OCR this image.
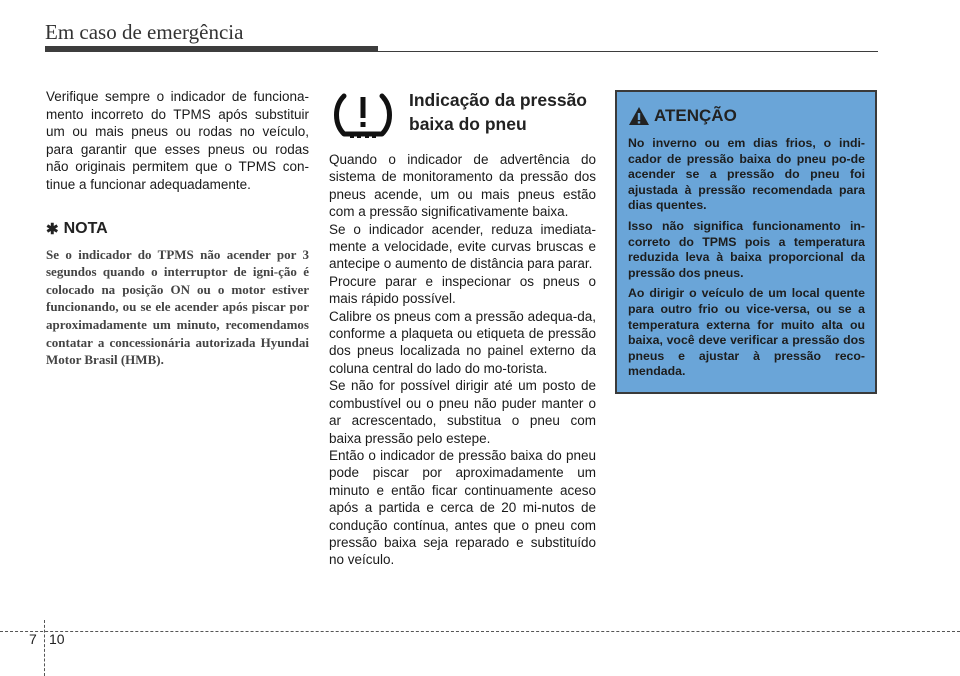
Em caso de emergência

Verifique sempre o indicador de funciona-mento incorreto do TPMS após substituir um ou mais pneus ou rodas no veículo, para garantir que esses pneus ou rodas não originais permitem que o TPMS con-tinue a funcionar adequadamente.

✱ NOTA

Se o indicador do TPMS não acender por 3 segundos quando o interruptor de igni-ção é colocado na posição ON ou o motor estiver funcionando, ou se ele acender após piscar por aproximadamente um minuto, recomendamos contatar a concessionária autorizada Hyundai Motor Brasil (HMB).

Indicação da pressão
baixa do pneu

Quando o indicador de advertência do sistema de monitoramento da pressão dos pneus acende, um ou mais pneus estão com a pressão significativamente baixa.

Se o indicador acender, reduza imediata-mente a velocidade, evite curvas bruscas e antecipe o aumento de distância para parar.

Procure parar e inspecionar os pneus o mais rápido possível.

Calibre os pneus com a pressão adequa-da, conforme a plaqueta ou etiqueta de pressão dos pneus localizada no painel externo da coluna central do lado do mo-torista.

Se não for possível dirigir até um posto de combustível ou o pneu não puder manter o ar acrescentado, substitua o pneu com baixa pressão pelo estepe.

Então o indicador de pressão baixa do pneu pode piscar por aproximadamente um minuto e então ficar continuamente aceso após a partida e cerca de 20 mi-nutos de condução contínua, antes que o pneu com pressão baixa seja reparado e substituído no veículo.

ATENÇÃO

No inverno ou em dias frios, o indi-cador de pressão baixa do pneu po-de acender se a pressão do pneu foi ajustada à pressão recomendada para dias quentes.

Isso não significa funcionamento in-correto do TPMS pois a temperatura reduzida leva à baixa proporcional da pressão dos pneus.

Ao dirigir o veículo de um local quente para outro frio ou vice-versa, ou se a temperatura externa for muito alta ou baixa, você deve verificar a pressão dos pneus e ajustar à pressão reco-mendada.

7 10
